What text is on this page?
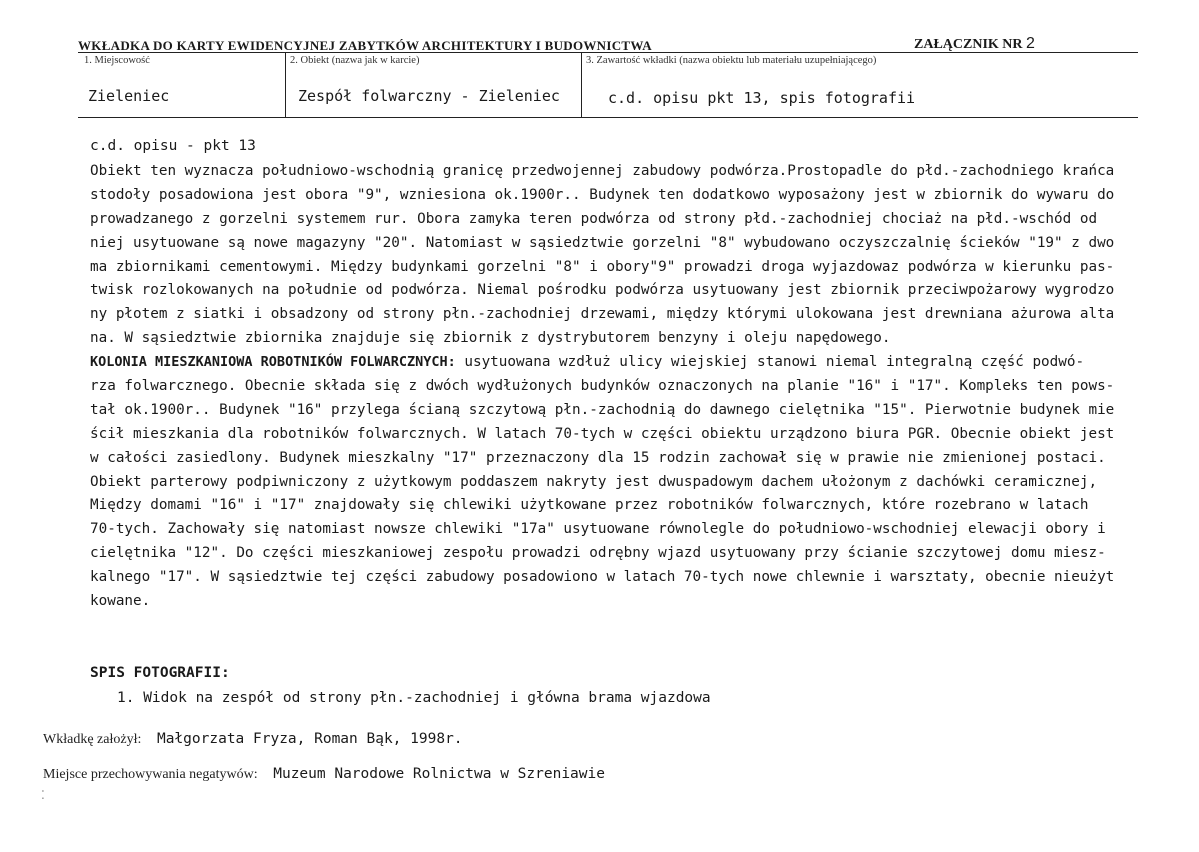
WKŁADKA DO KARTY EWIDENCYJNEJ ZABYTKÓW ARCHITEKTURY I BUDOWNICTWA	ZAŁĄCZNIK NR 2
1. Miejscowość
Zieleniec
2. Obiekt (nazwa jak w karcie)
Zespół folwarczny - Zieleniec
3. Zawartość wkładki (nazwa obiektu lub materiału uzupełniającego)
c.d. opisu pkt 13, spis fotografii
c.d. opisu - pkt 13
Obiekt ten wyznacza południowo-wschodnią granicę przedwojennej zabudowy podwórza.Prostopadle do płd.-zachodniego krańca
stodoły posadowiona jest obora "9", wzniesiona ok.1900r.. Budynek ten dodatkowo wyposażony jest w zbiornik do wywaru do
prowadzanego z gorzelni systemem rur. Obora zamyka teren podwórza od strony płd.-zachodniej chociaż na płd.-wschód od
niej usytuowane są nowe magazyny "20". Natomiast w sąsiedztwie gorzelni "8" wybudowano oczyszczalnię ścieków "19" z dwo
ma zbiornikami cementowymi. Między budynkami gorzelni "8" i obory"9" prowadzi droga wyjazdowaz podwórza w kierunku pas-
twisk rozlokowanych na południe od podwórza. Niemal pośrodku podwórza usytuowany jest zbiornik przeciwpożarowy wygrodzo
ny płotem z siatki i obsadzony od strony płn.-zachodniej drzewami, między którymi ulokowana jest drewniana ażurowa alta
na. W sąsiedztwie zbiornika znajduje się zbiornik z dystrybutorem benzyny i oleju napędowego.
KOLONIA MIESZKANIOWA ROBOTNIKÓW FOLWARCZNYCH: usytuowana wzdłuż ulicy wiejskiej stanowi niemal integralną część podwó-
rza folwarcznego. Obecnie składa się z dwóch wydłużonych budynków oznaczonych na planie "16" i "17". Kompleks ten pows-
tał ok.1900r.. Budynek "16" przylega ścianą szczytową płn.-zachodnią do dawnego cielętnika "15". Pierwotnie budynek mie
ścił mieszkania dla robotników folwarcznych. W latach 70-tych w części obiektu urządzono biura PGR. Obecnie obiekt jest
w całości zasiedlony. Budynek mieszkalny "17" przeznaczony dla 15 rodzin zachował się w prawie nie zmienionej postaci.
Obiekt parterowy podpiwniczony z użytkowym poddaszem nakryty jest dwuspadowym dachem ułożonym z dachówki ceramicznej,
Między domami "16" i "17" znajdowały się chlewiki użytkowane przez robotników folwarcznych, które rozebrano w latach
70-tych. Zachowały się natomiast nowsze chlewiki "17a" usytuowane równolegle do południowo-wschodniej elewacji obory i
cielętnika "12". Do części mieszkaniowej zespołu prowadzi odrębny wjazd usytuowany przy ścianie szczytowej domu miesz-
kalnego "17". W sąsiedztwie tej części zabudowy posadowiono w latach 70-tych nowe chlewnie i warsztaty, obecnie nieużyt
kowane.
SPIS FOTOGRAFII:
1. Widok na zespół od strony płn.-zachodniej i główna brama wjazdowa
Wkładkę założył: Małgorzata Fryza, Roman Bąk, 1998r.
Miejsce przechowywania negatywów: Muzeum Narodowe Rolnictwa w Szreniawie
⁚
